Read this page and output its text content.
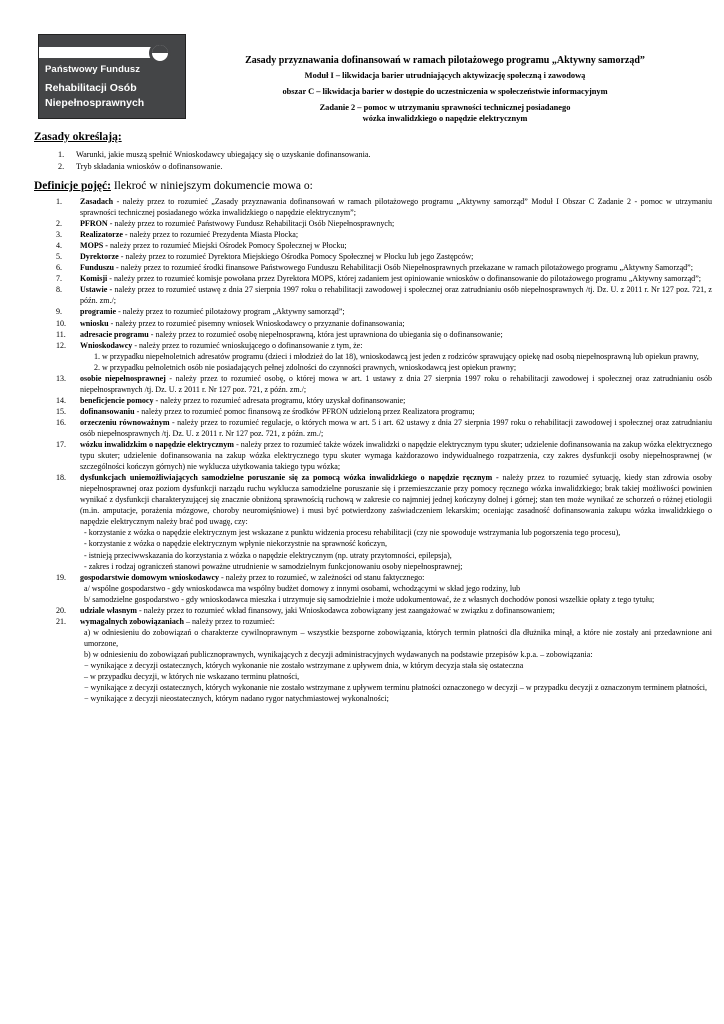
Państwowy Fundusz
Rehabilitacji Osób
Niepełnosprawnych
Zasady przyznawania dofinansowań w ramach pilotażowego programu „Aktywny samorząd”
Moduł I – likwidacja barier utrudniających aktywizację społeczną i zawodową
obszar C – likwidacja barier w dostępie do uczestniczenia w społeczeństwie informacyjnym
Zadanie 2 – pomoc w utrzymaniu sprawności technicznej posiadanego
wózka inwalidzkiego o napędzie elektrycznym
Zasady określają:
1. Warunki, jakie muszą spełnić Wnioskodawcy ubiegający się o uzyskanie dofinansowania.
2. Tryb składania wniosków o dofinansowanie.
Definicje pojęć: Ilekroć w niniejszym dokumencie mowa o:
1.	Zasadach - należy przez to rozumieć „Zasady przyznawania dofinansowań w ramach pilotażowego programu „Aktywny samorząd” Moduł I Obszar C Zadanie 2 - pomoc w utrzymaniu sprawności technicznej posiadanego wózka inwalidzkiego o napędzie elektrycznym”;
2.	PFRON - należy przez to rozumieć Państwowy Fundusz Rehabilitacji Osób Niepełnosprawnych;
3.	Realizatorze - należy przez to rozumieć Prezydenta Miasta Płocka;
4.	MOPS - należy przez to rozumieć Miejski Ośrodek Pomocy Społecznej w Płocku;
5.	Dyrektorze - należy przez to rozumieć Dyrektora Miejskiego Ośrodka Pomocy Społecznej w Płocku lub jego Zastępców;
6.	Funduszu - należy przez to rozumieć środki finansowe Państwowego Funduszu Rehabilitacji Osób Niepełnosprawnych przekazane w ramach pilotażowego programu „Aktywny Samorząd”;
7.	Komisji - należy przez to rozumieć komisje powołana przez Dyrektora MOPS, której zadaniem jest opiniowanie wniosków o dofinansowanie do pilotażowego programu „Aktywny samorząd”;
8.	Ustawie - należy przez to rozumieć ustawę z dnia 27 sierpnia 1997 roku o rehabilitacji zawodowej i społecznej oraz zatrudnianiu osób niepełnosprawnych /tj. Dz. U. z 2011 r. Nr 127 poz. 721, z późn. zm./;
9.	programie - należy przez to rozumieć pilotażowy program „Aktywny samorząd”;
10.	wniosku - należy przez to rozumieć pisemny wniosek Wnioskodawcy o przyznanie dofinansowania;
11.	adresacie programu - należy przez to rozumieć osobę niepełnosprawną, która jest uprawniona do ubiegania się o dofinansowanie;
12.	Wnioskodawcy - należy przez to rozumieć wnioskującego o dofinansowanie z tym, że:
1. w przypadku niepełnoletnich adresatów programu (dzieci i młodzież do lat 18), wnioskodawcą jest jeden z rodziców sprawujący opiekę nad osobą niepełnosprawną lub opiekun prawny,
2. w przypadku pełnoletnich osób nie posiadających pełnej zdolności do czynności prawnych, wnioskodawcą jest opiekun prawny;
13.	osobie niepełnosprawnej - należy przez to rozumieć osobę, o której mowa w art. 1 ustawy z dnia 27 sierpnia 1997 roku o rehabilitacji zawodowej i społecznej oraz zatrudnianiu osób niepełnosprawnych /tj. Dz. U. z 2011 r. Nr 127 poz. 721, z późn. zm./;
14.	beneficjencie pomocy - należy przez to rozumieć adresata programu, który uzyskał dofinansowanie;
15.	dofinansowaniu - należy przez to rozumieć pomoc finansową ze środków PFRON udzieloną przez Realizatora programu;
16.	orzeczeniu równoważnym - należy przez to rozumieć regulacje, o których mowa w art. 5 i art. 62 ustawy z dnia 27 sierpnia 1997 roku o rehabilitacji zawodowej i społecznej oraz zatrudnianiu osób niepełnosprawnych /tj. Dz. U. z 2011 r. Nr 127 poz. 721, z późn. zm./;
17.	wózku inwalidzkim o napędzie elektrycznym - należy przez to rozumieć także wózek inwalidzki o napędzie elektrycznym typu skuter; udzielenie dofinansowania na zakup wózka elektrycznego typu skuter; udzielenie dofinansowania na zakup wózka elektrycznego typu skuter wymaga każdorazowo indywidualnego rozpatrzenia, czy zakres dysfunkcji osoby niepełnosprawnej (w szczególności kończyn górnych) nie wyklucza użytkowania takiego typu wózka;
18.	dysfunkcjach uniemożliwiających samodzielne poruszanie się za pomocą wózka inwalidzkiego o napędzie ręcznym - należy przez to rozumieć sytuację, kiedy stan zdrowia osoby niepełnosprawnej oraz poziom dysfunkcji narządu ruchu wyklucza samodzielne poruszanie się i przemieszczanie przy pomocy ręcznego wózka inwalidzkiego; brak takiej możliwości powinien wynikać z dysfunkcji charakteryzującej się znacznie obniżoną sprawnością ruchową w zakresie co najmniej jednej kończyny dolnej i górnej; stan ten może wynikać ze schorzeń o różnej etiologii (m.in. amputacje, porażenia mózgowe, choroby neuromięśniowe) i musi być potwierdzony zaświadczeniem lekarskim; oceniając zasadność dofinansowania zakupu wózka inwalidzkiego o napędzie elektrycznym należy brać pod uwagę, czy:
- korzystanie z wózka o napędzie elektrycznym jest wskazane z punktu widzenia procesu rehabilitacji (czy nie spowoduje wstrzymania lub pogorszenia tego procesu),
- korzystanie z wózka o napędzie elektrycznym wpłynie niekorzystnie na sprawność kończyn,
- istnieją przeciwwskazania do korzystania z wózka o napędzie elektrycznym (np. utraty przytomności, epilepsja),
- zakres i rodzaj ograniczeń stanowi poważne utrudnienie w samodzielnym funkcjonowaniu osoby niepełnosprawnej;
19.	gospodarstwie domowym wnioskodawcy - należy przez to rozumieć, w zależności od stanu faktycznego:
a/ wspólne gospodarstwo - gdy wnioskodawca ma wspólny budżet domowy z innymi osobami, wchodzącymi w skład jego rodziny, lub
b/ samodzielne gospodarstwo - gdy wnioskodawca mieszka i utrzymuje się samodzielnie i może udokumentować, że z własnych dochodów ponosi wszelkie opłaty z tego tytułu;
20.	udziale własnym - należy przez to rozumieć wkład finansowy, jaki Wnioskodawca zobowiązany jest zaangażować w związku z dofinansowaniem;
21.	wymagalnych zobowiązaniach – należy przez to rozumieć:
a) w odniesieniu do zobowiązań o charakterze cywilnoprawnym – wszystkie bezsporne zobowiązania, których termin płatności dla dłużnika minął, a które nie zostały ani przedawnione ani umorzone,
b) w odniesieniu do zobowiązań publicznoprawnych, wynikających z decyzji administracyjnych wydawanych na podstawie przepisów k.p.a. – zobowiązania:
− wynikające z decyzji ostatecznych, których wykonanie nie zostało wstrzymane z upływem dnia, w którym decyzja stała się ostateczna
– w przypadku decyzji, w których nie wskazano terminu płatności,
− wynikające z decyzji ostatecznych, których wykonanie nie zostało wstrzymane z upływem terminu płatności oznaczonego w decyzji – w przypadku decyzji z oznaczonym terminem płatności,
− wynikające z decyzji nieostatecznych, którym nadano rygor natychmiastowej wykonalności;
